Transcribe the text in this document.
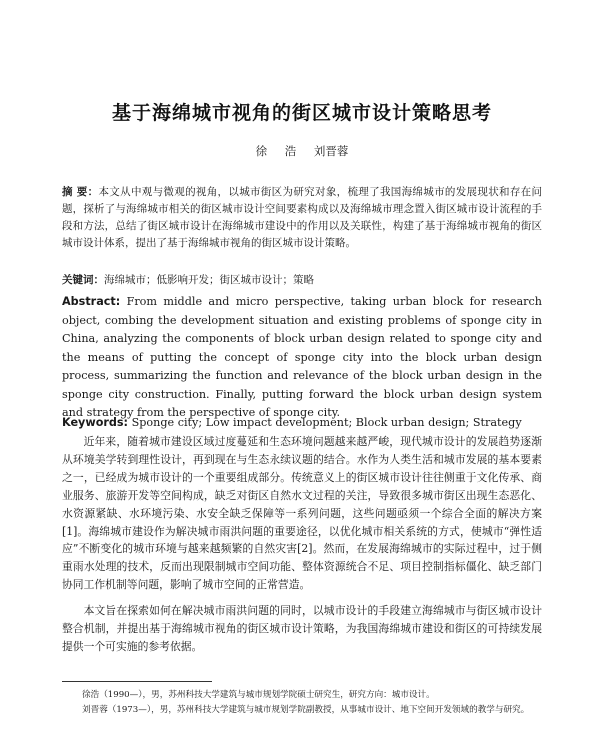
基于海绵城市视角的街区城市设计策略思考
徐 浩 刘晋蓉
摘 要：本文从中观与微观的视角，以城市街区为研究对象，梳理了我国海绵城市的发展现状和存在问题，探析了与海绵城市相关的街区城市设计空间要素构成以及海绵城市理念置入街区城市设计流程的手段和方法，总结了街区城市设计在海绵城市建设中的作用以及关联性，构建了基于海绵城市视角的街区城市设计体系，提出了基于海绵城市视角的街区城市设计策略。
关键词：海绵城市；低影响开发；街区城市设计；策略
Abstract: From middle and micro perspective, taking urban block for research object, combing the development situation and existing problems of sponge city in China, analyzing the components of block urban design related to sponge city and the means of putting the concept of sponge city into the block urban design process, summarizing the function and relevance of the block urban design in the sponge city construction. Finally, putting forward the block urban design system and strategy from the perspective of sponge city.
Keywords: Sponge city; Low impact development; Block urban design; Strategy
近年来，随着城市建设区域过度蔓延和生态环境问题越来越严峻，现代城市设计的发展趋势逐渐从环境美学转到理性设计，再到现在与生态永续议题的结合。水作为人类生活和城市发展的基本要素之一，已经成为城市设计的一个重要组成部分。传统意义上的街区城市设计往往侧重于文化传承、商业服务、旅游开发等空间构成，缺乏对街区自然水文过程的关注，导致很多城市街区出现生态恶化、水资源紧缺、水环境污染、水安全缺乏保障等一系列问题，这些问题亟须一个综合全面的解决方案[1]。海绵城市建设作为解决城市雨洪问题的重要途径，以优化城市相关系统的方式，使城市“弹性适应”不断变化的城市环境与越来越频繁的自然灾害[2]。然而，在发展海绵城市的实际过程中，过于侧重雨水处理的技术，反而出现限制城市空间功能、整体资源统合不足、项目控制指标僵化、缺乏部门协同工作机制等问题，影响了城市空间的正常营造。
本文旨在探索如何在解决城市雨洪问题的同时，以城市设计的手段建立海绵城市与街区城市设计整合机制，并提出基于海绵城市视角的街区城市设计策略，为我国海绵城市建设和街区的可持续发展提供一个可实施的参考依据。
徐浩（1990—），男，苏州科技大学建筑与城市规划学院硕士研究生，研究方向：城市设计。
刘晋蓉（1973—），男，苏州科技大学建筑与城市规划学院副教授，从事城市设计、地下空间开发领域的教学与研究。
